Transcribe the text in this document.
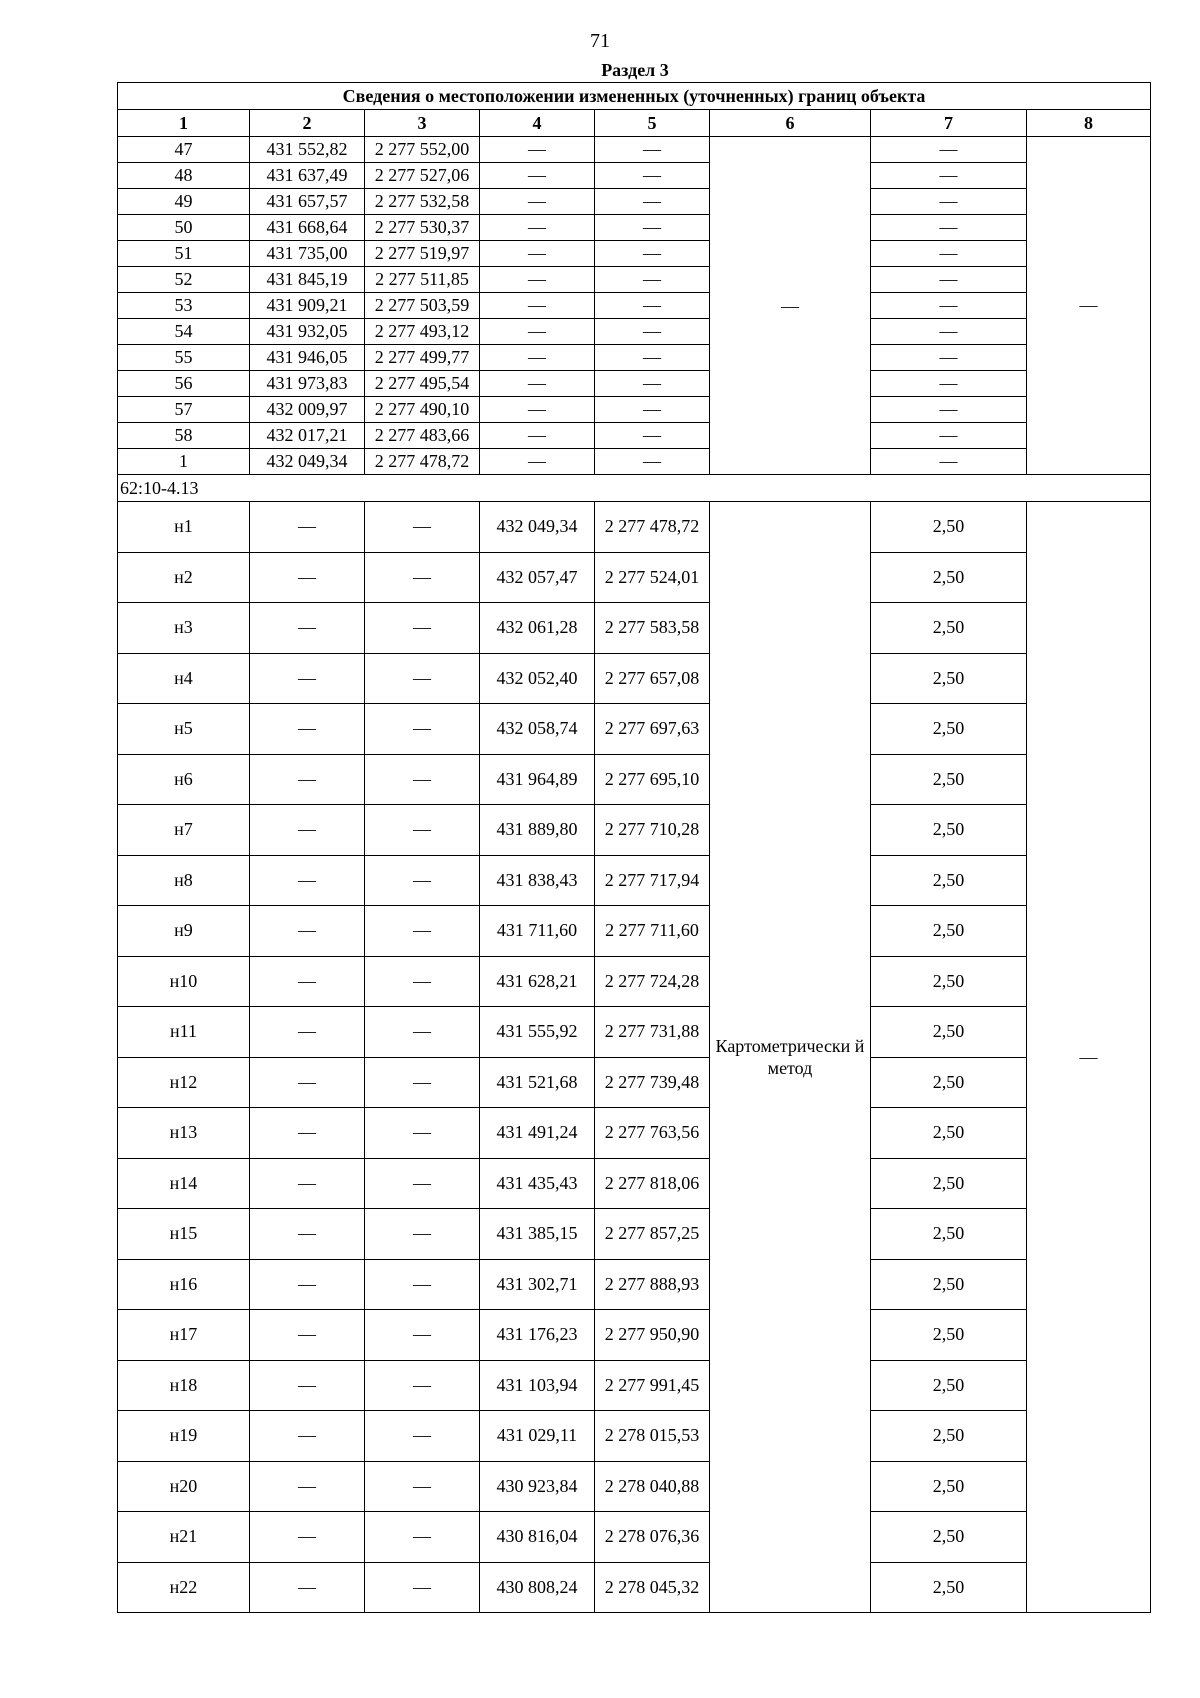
71
Раздел 3
Сведения о местоположении измененных (уточненных) границ объекта							
1	2	3	4	5	6	7	8
47	431 552,82	2 277 552,00	—	—	—	—	—
48	431 637,49	2 277 527,06	—	—		—	
49	431 657,57	2 277 532,58	—	—		—	
50	431 668,64	2 277 530,37	—	—		—	
51	431 735,00	2 277 519,97	—	—		—	
52	431 845,19	2 277 511,85	—	—		—	
53	431 909,21	2 277 503,59	—	—		—	
54	431 932,05	2 277 493,12	—	—		—	
55	431 946,05	2 277 499,77	—	—		—	
56	431 973,83	2 277 495,54	—	—		—	
57	432 009,97	2 277 490,10	—	—		—	
58	432 017,21	2 277 483,66	—	—		—	
1	432 049,34	2 277 478,72	—	—		—	
62:10-4.13							
н1	—	—	432 049,34	2 277 478,72	Картометрически й метод	2,50	—
н2	—	—	432 057,47	2 277 524,01		2,50	
н3	—	—	432 061,28	2 277 583,58		2,50	
н4	—	—	432 052,40	2 277 657,08		2,50	
н5	—	—	432 058,74	2 277 697,63		2,50	
н6	—	—	431 964,89	2 277 695,10		2,50	
н7	—	—	431 889,80	2 277 710,28		2,50	
н8	—	—	431 838,43	2 277 717,94		2,50	
н9	—	—	431 711,60	2 277 711,60		2,50	
н10	—	—	431 628,21	2 277 724,28		2,50	
н11	—	—	431 555,92	2 277 731,88		2,50	
н12	—	—	431 521,68	2 277 739,48		2,50	
н13	—	—	431 491,24	2 277 763,56		2,50	
н14	—	—	431 435,43	2 277 818,06		2,50	
н15	—	—	431 385,15	2 277 857,25		2,50	
н16	—	—	431 302,71	2 277 888,93		2,50	
н17	—	—	431 176,23	2 277 950,90		2,50	
н18	—	—	431 103,94	2 277 991,45		2,50	
н19	—	—	431 029,11	2 278 015,53		2,50	
н20	—	—	430 923,84	2 278 040,88		2,50	
н21	—	—	430 816,04	2 278 076,36		2,50	
н22	—	—	430 808,24	2 278 045,32		2,50	
